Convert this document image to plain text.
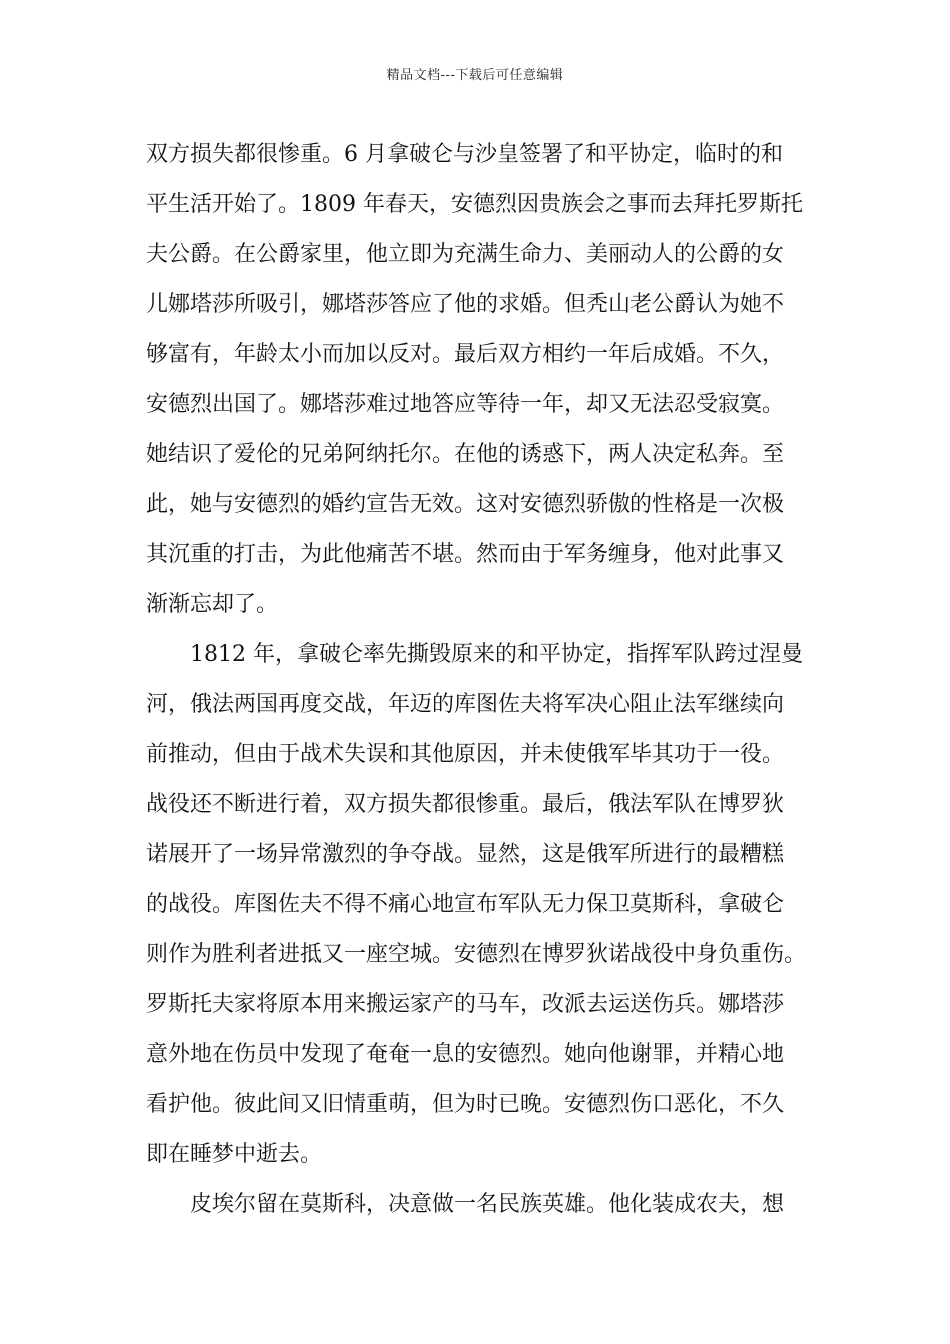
精品文档---下载后可任意编辑
双方损失都很惨重。6 月拿破仑与沙皇签署了和平协定，临时的和
平生活开始了。1809 年春天，安德烈因贵族会之事而去拜托罗斯托
夫公爵。在公爵家里，他立即为充满生命力、美丽动人的公爵的女
儿娜塔莎所吸引，娜塔莎答应了他的求婚。但秃山老公爵认为她不
够富有，年龄太小而加以反对。最后双方相约一年后成婚。不久，
安德烈出国了。娜塔莎难过地答应等待一年，却又无法忍受寂寞。
她结识了爱伦的兄弟阿纳托尔。在他的诱惑下，两人决定私奔。至
此，她与安德烈的婚约宣告无效。这对安德烈骄傲的性格是一次极
其沉重的打击，为此他痛苦不堪。然而由于军务缠身，他对此事又
渐渐忘却了。
1812 年，拿破仑率先撕毁原来的和平协定，指挥军队跨过涅曼
河，俄法两国再度交战，年迈的库图佐夫将军决心阻止法军继续向
前推动，但由于战术失误和其他原因，并未使俄军毕其功于一役。
战役还不断进行着，双方损失都很惨重。最后，俄法军队在博罗狄
诺展开了一场异常激烈的争夺战。显然，这是俄军所进行的最糟糕
的战役。库图佐夫不得不痛心地宣布军队无力保卫莫斯科，拿破仑
则作为胜利者进抵又一座空城。安德烈在博罗狄诺战役中身负重伤。
罗斯托夫家将原本用来搬运家产的马车，改派去运送伤兵。娜塔莎
意外地在伤员中发现了奄奄一息的安德烈。她向他谢罪，并精心地
看护他。彼此间又旧情重萌，但为时已晚。安德烈伤口恶化，不久
即在睡梦中逝去。
皮埃尔留在莫斯科，决意做一名民族英雄。他化装成农夫，想
